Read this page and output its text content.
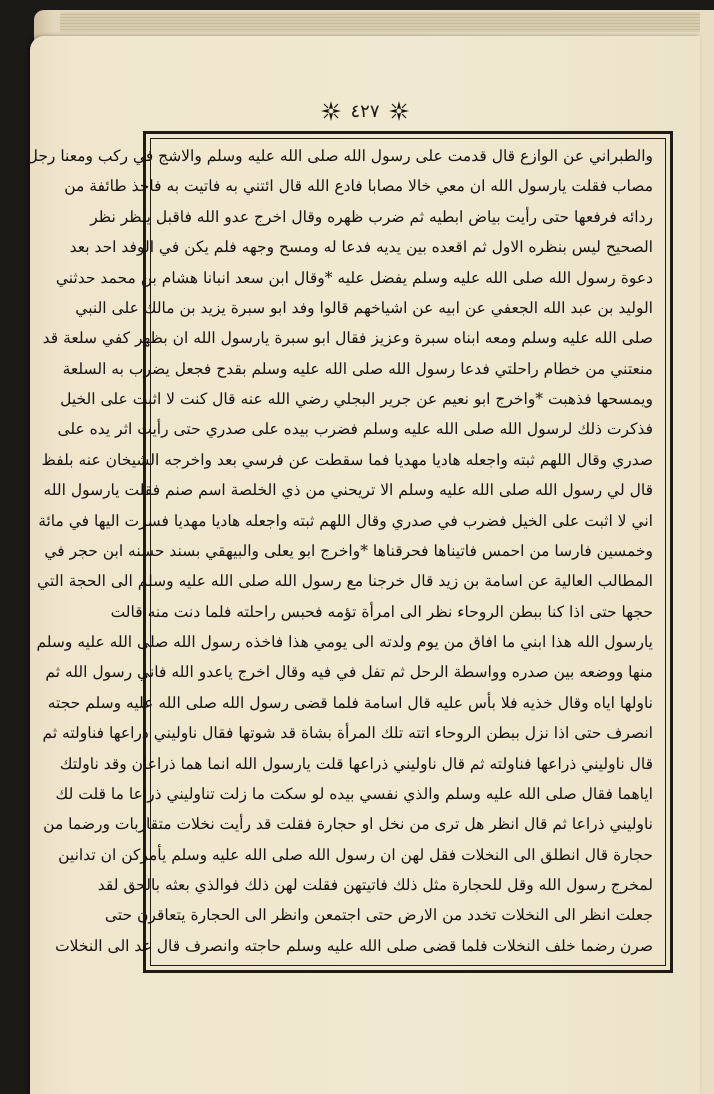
٤٢٧
والطبراني عن الوازع قال قدمت على رسول الله صلى الله عليه وسلم والاشج في ركب ومعنا رجل
مصاب فقلت يارسول الله ان معي خالا مصابا فادع الله قال ائتني به فاتيت به فاخذ طائفة من
ردائه فرفعها حتى رأيت بياض ابطيه ثم ضرب ظهره وقال اخرج عدو الله فاقبل ينظر نظر
الصحيح ليس بنظره الاول ثم اقعده بين يديه فدعا له ومسح وجهه فلم يكن في الوفد احد بعد
دعوة رسول الله صلى الله عليه وسلم يفضل عليه *وقال ابن سعد انبانا هشام بن محمد حدثني
الوليد بن عبد الله الجعفي عن ابيه عن اشياخهم قالوا وفد ابو سبرة يزيد بن مالك على النبي
صلى الله عليه وسلم ومعه ابناه سبرة وعزيز فقال ابو سبرة يارسول الله ان بظهر كفي سلعة قد
منعتني من خطام راحلتي فدعا رسول الله صلى الله عليه وسلم بقدح فجعل يضرب به السلعة
ويمسحها فذهبت *واخرج ابو نعيم عن جرير البجلي رضي الله عنه قال كنت لا اثبت على الخيل
فذكرت ذلك لرسول الله صلى الله عليه وسلم فضرب بيده على صدري حتى رأيت اثر يده على
صدري وقال اللهم ثبته واجعله هاديا مهديا فما سقطت عن فرسي بعد واخرجه الشيخان عنه بلفظ
قال لي رسول الله صلى الله عليه وسلم الا تريحني من ذي الخلصة اسم صنم فقلت يارسول الله
اني لا اثبت على الخيل فضرب في صدري وقال اللهم ثبته واجعله هاديا مهديا فسرت اليها في مائة
وخمسين فارسا من احمس فاتيناها فحرقناها *واخرج ابو يعلى والبيهقي بسند حسنه ابن حجر في
المطالب العالية عن اسامة بن زيد قال خرجنا مع رسول الله صلى الله عليه وسلم الى الحجة التي
حجها حتى اذا كنا ببطن الروحاء نظر الى امرأة تؤمه فحبس راحلته فلما دنت منه قالت
يارسول الله هذا ابني ما افاق من يوم ولدته الى يومي هذا فاخذه رسول الله صلى الله عليه وسلم
منها ووضعه بين صدره وواسطة الرحل ثم تفل في فيه وقال اخرج ياعدو الله فاني رسول الله ثم
ناولها اياه وقال خذيه فلا بأس عليه قال اسامة فلما قضى رسول الله صلى الله عليه وسلم حجته
انصرف حتى اذا نزل ببطن الروحاء اتته تلك المرأة بشاة قد شوتها فقال ناوليني ذراعها فناولته ثم
قال ناوليني ذراعها فناولته ثم قال ناوليني ذراعها قلت يارسول الله انما هما ذراعان وقد ناولتك
اياهما فقال صلى الله عليه وسلم والذي نفسي بيده لو سكت ما زلت تناوليني ذراعا ما قلت لك
ناوليني ذراعا ثم قال انظر هل ترى من نخل او حجارة فقلت قد رأيت نخلات متقاربات ورضما من
حجارة قال انطلق الى النخلات فقل لهن ان رسول الله صلى الله عليه وسلم يأمركن ان تدانين
لمخرج رسول الله وقل للحجارة مثل ذلك فاتيتهن فقلت لهن ذلك فوالذي بعثه بالحق لقد
جعلت انظر الى النخلات تخدد من الارض حتى اجتمعن وانظر الى الحجارة يتعاقرن حتى
صرن رضما خلف النخلات فلما قضى صلى الله عليه وسلم حاجته وانصرف قال عد الى النخلات
